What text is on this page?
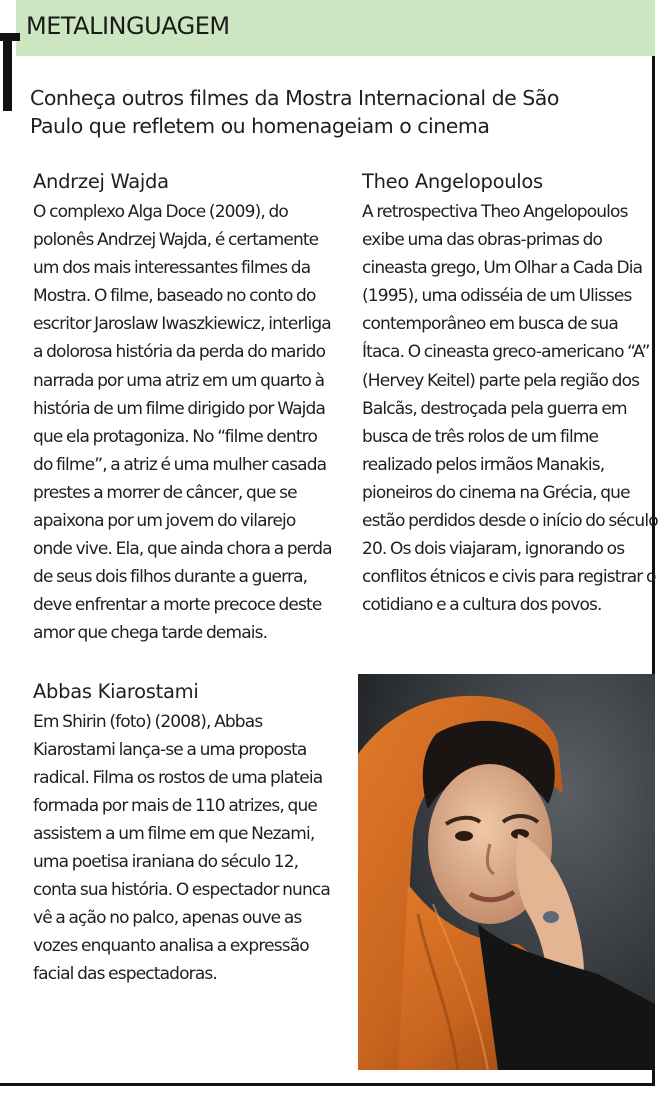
METALINGUAGEM
Conheça outros filmes da Mostra Internacional de São Paulo que refletem ou homenageiam o cinema
Andrzej Wajda

O complexo Alga Doce (2009), do polonês Andrzej Wajda, é certamente um dos mais interessantes filmes da Mostra. O filme, baseado no conto do escritor Jaroslaw Iwaszkiewicz, interliga a dolorosa história da perda do marido narrada por uma atriz em um quarto à história de um filme dirigido por Wajda que ela protagoniza. No “filme dentro do filme”, a atriz é uma mulher casada prestes a morrer de câncer, que se apaixona por um jovem do vilarejo onde vive. Ela, que ainda chora a perda de seus dois filhos durante a guerra, deve enfrentar a morte precoce deste amor que chega tarde demais.

Abbas Kiarostami

Em Shirin (foto) (2008), Abbas Kiarostami lança-se a uma proposta radical. Filma os rostos de uma plateia formada por mais de 110 atrizes, que assistem a um filme em que Nezami, uma poetisa iraniana do século 12, conta sua história. O espectador nunca vê a ação no palco, apenas ouve as vozes enquanto analisa a expressão facial das espectadoras.

Theo Angelopoulos

A retrospectiva Theo Angelopoulos exibe uma das obras-primas do cineasta grego, Um Olhar a Cada Dia (1995), uma odisséia de um Ulisses contemporâneo em busca de sua Ítaca. O cineasta greco-americano “A” (Hervey Keitel) parte pela região dos Balcãs, destroçada pela guerra em busca de três rolos de um filme realizado pelos irmãos Manakis, pioneiros do cinema na Grécia, que estão perdidos desde o início do século 20. Os dois viajaram, ignorando os conflitos étnicos e civis para registrar o cotidiano e a cultura dos povos.
